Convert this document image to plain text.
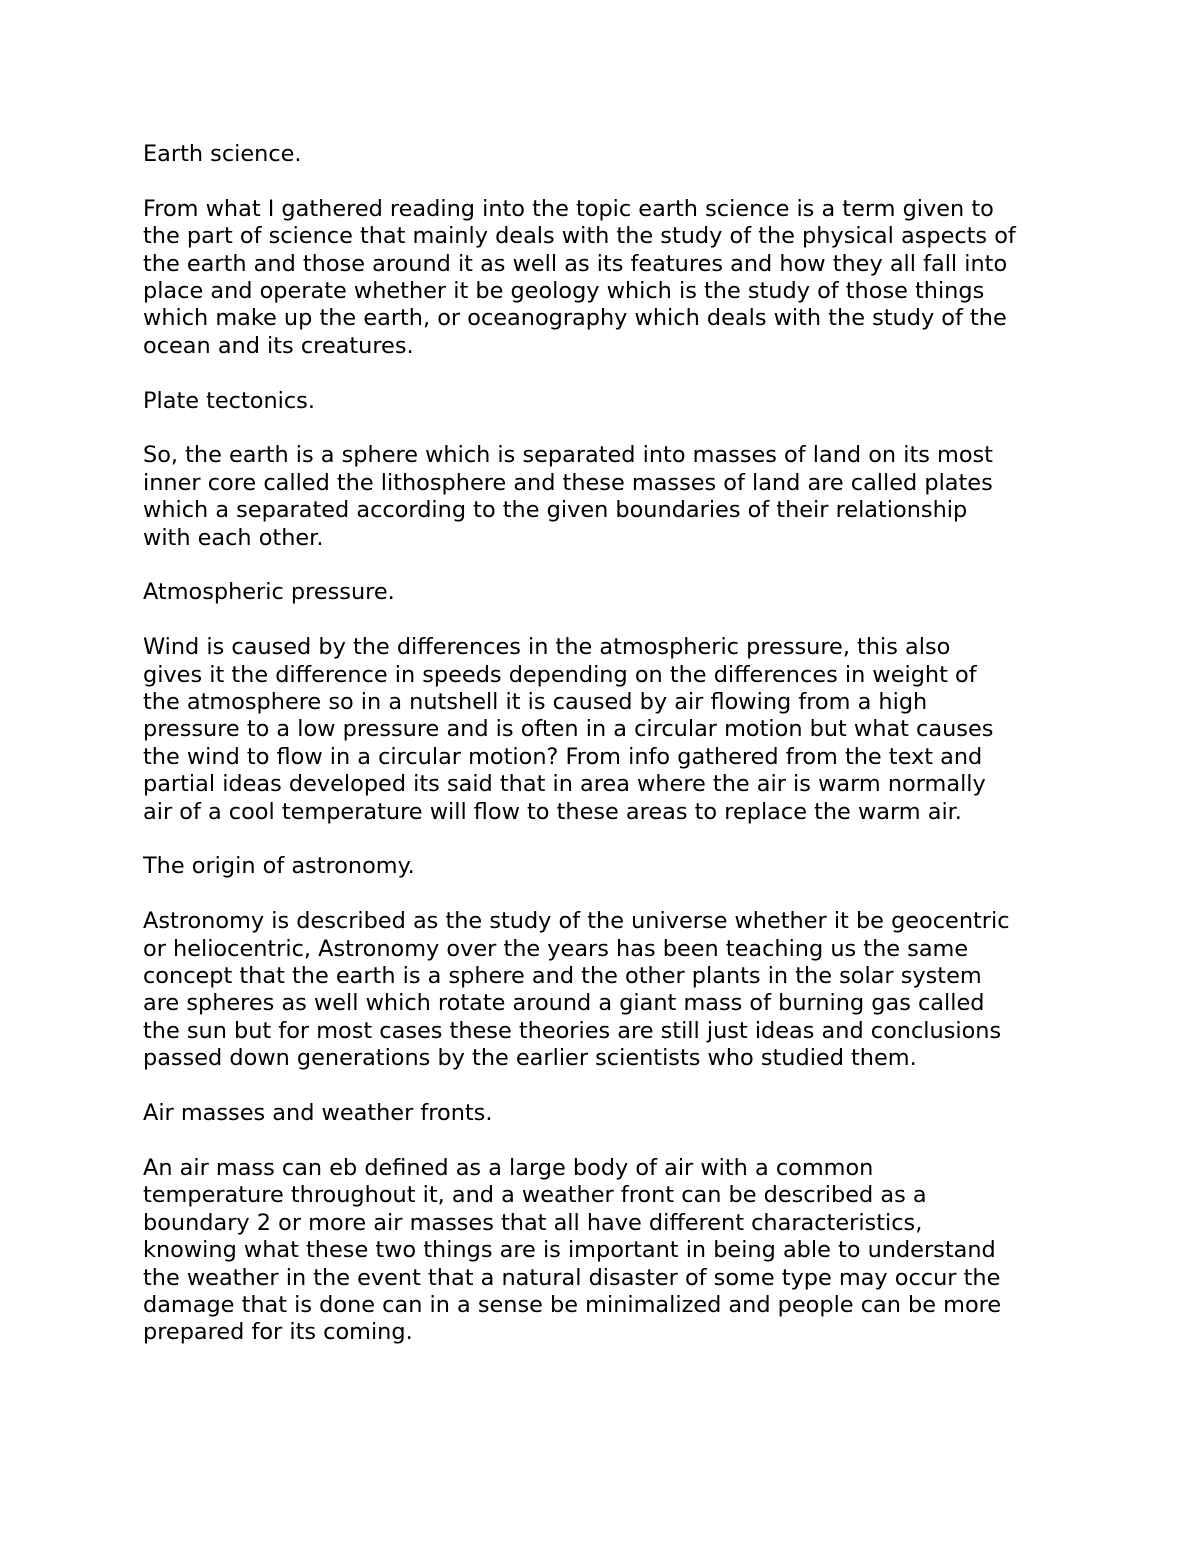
Earth science.

From what I gathered reading into the topic earth science is a term given to
the part of science that mainly deals with the study of the physical aspects of
the earth and those around it as well as its features and how they all fall into
place and operate whether it be geology which is the study of those things
which make up the earth, or oceanography which deals with the study of the
ocean and its creatures.

Plate tectonics.

So, the earth is a sphere which is separated into masses of land on its most
inner core called the lithosphere and these masses of land are called plates
which a separated according to the given boundaries of their relationship
with each other.

Atmospheric pressure.

Wind is caused by the differences in the atmospheric pressure, this also
gives it the difference in speeds depending on the differences in weight of
the atmosphere so in a nutshell it is caused by air flowing from a high
pressure to a low pressure and is often in a circular motion but what causes
the wind to flow in a circular motion? From info gathered from the text and
partial ideas developed its said that in area where the air is warm normally
air of a cool temperature will flow to these areas to replace the warm air.

The origin of astronomy.

Astronomy is described as the study of the universe whether it be geocentric
or heliocentric, Astronomy over the years has been teaching us the same
concept that the earth is a sphere and the other plants in the solar system
are spheres as well which rotate around a giant mass of burning gas called
the sun but for most cases these theories are still just ideas and conclusions
passed down generations by the earlier scientists who studied them.

Air masses and weather fronts.

An air mass can eb defined as a large body of air with a common
temperature throughout it, and a weather front can be described as a
boundary 2 or more air masses that all have different characteristics,
knowing what these two things are is important in being able to understand
the weather in the event that a natural disaster of some type may occur the
damage that is done can in a sense be minimalized and people can be more
prepared for its coming.
